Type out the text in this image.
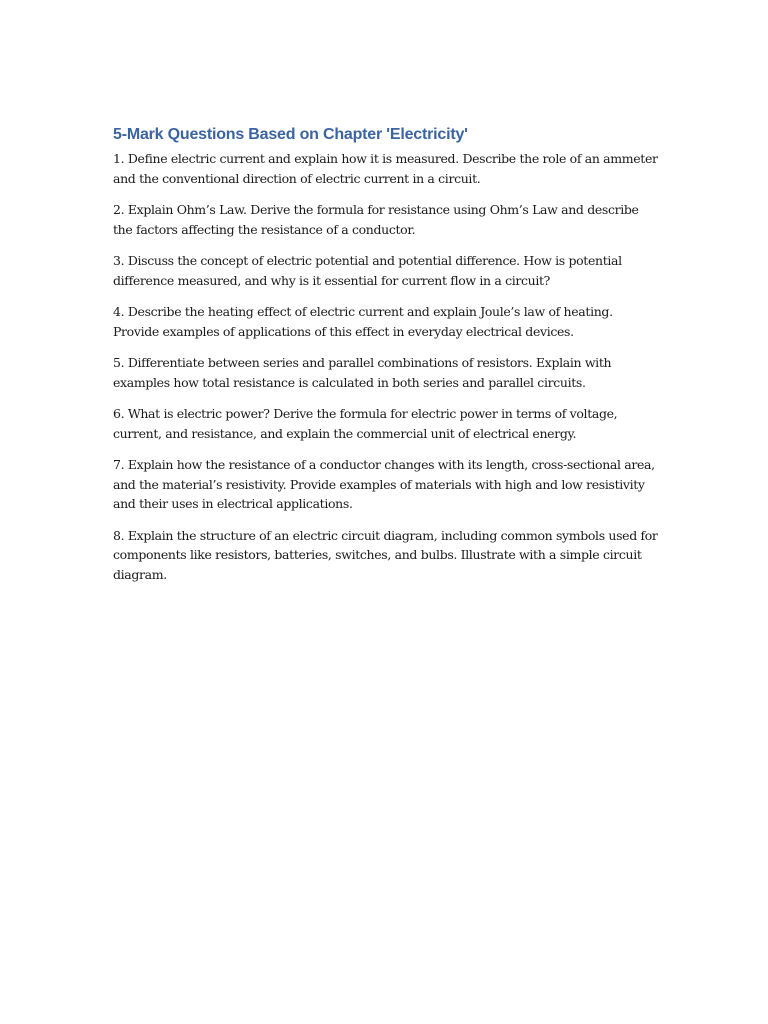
5-Mark Questions Based on Chapter 'Electricity'

1. Define electric current and explain how it is measured. Describe the role of an ammeter and the conventional direction of electric current in a circuit.

2. Explain Ohm’s Law. Derive the formula for resistance using Ohm’s Law and describe the factors affecting the resistance of a conductor.

3. Discuss the concept of electric potential and potential difference. How is potential difference measured, and why is it essential for current flow in a circuit?

4. Describe the heating effect of electric current and explain Joule’s law of heating. Provide examples of applications of this effect in everyday electrical devices.

5. Differentiate between series and parallel combinations of resistors. Explain with examples how total resistance is calculated in both series and parallel circuits.

6. What is electric power? Derive the formula for electric power in terms of voltage, current, and resistance, and explain the commercial unit of electrical energy.

7. Explain how the resistance of a conductor changes with its length, cross-sectional area, and the material’s resistivity. Provide examples of materials with high and low resistivity and their uses in electrical applications.

8. Explain the structure of an electric circuit diagram, including common symbols used for components like resistors, batteries, switches, and bulbs. Illustrate with a simple circuit diagram.
